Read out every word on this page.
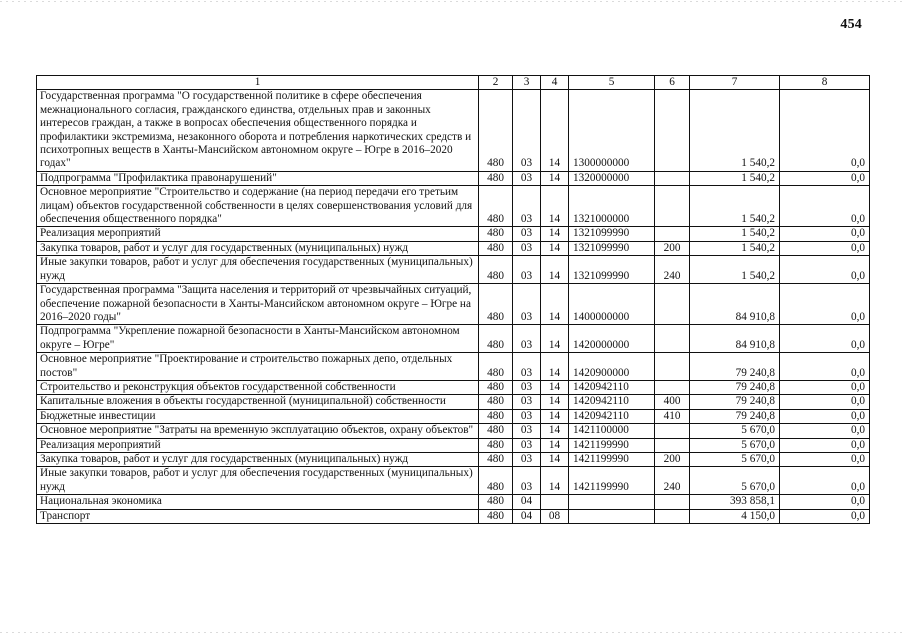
454
1	2	3	4	5	6	7	8
Государственная программа "О государственной политике в сфере обеспечения межнационального согласия, гражданского единства, отдельных прав и законных интересов граждан, а также в вопросах обеспечения общественного порядка и профилактики экстремизма, незаконного оборота и потребления наркотических средств и психотропных веществ в Ханты-Мансийском автономном округе – Югре в 2016–2020 годах"	480	03	14	1300000000		1 540,2	0,0
Подпрограмма "Профилактика правонарушений"	480	03	14	1320000000		1 540,2	0,0
Основное мероприятие "Строительство и содержание (на период передачи его третьим лицам) объектов государственной собственности в целях совершенствования условий для обеспечения общественного порядка"	480	03	14	1321000000		1 540,2	0,0
Реализация мероприятий	480	03	14	1321099990		1 540,2	0,0
Закупка товаров, работ и услуг для государственных (муниципальных) нужд	480	03	14	1321099990	200	1 540,2	0,0
Иные закупки товаров, работ и услуг для обеспечения государственных (муниципальных) нужд	480	03	14	1321099990	240	1 540,2	0,0
Государственная программа "Защита населения и территорий от чрезвычайных ситуаций, обеспечение пожарной безопасности в Ханты-Мансийском автономном округе – Югре на 2016–2020 годы"	480	03	14	1400000000		84 910,8	0,0
Подпрограмма "Укрепление пожарной безопасности в Ханты-Мансийском автономном округе – Югре"	480	03	14	1420000000		84 910,8	0,0
Основное мероприятие "Проектирование и строительство пожарных депо, отдельных постов"	480	03	14	1420900000		79 240,8	0,0
Строительство и реконструкция объектов государственной собственности	480	03	14	1420942110		79 240,8	0,0
Капитальные вложения в объекты государственной (муниципальной) собственности	480	03	14	1420942110	400	79 240,8	0,0
Бюджетные инвестиции	480	03	14	1420942110	410	79 240,8	0,0
Основное мероприятие "Затраты на временную эксплуатацию объектов, охрану объектов"	480	03	14	1421100000		5 670,0	0,0
Реализация мероприятий	480	03	14	1421199990		5 670,0	0,0
Закупка товаров, работ и услуг для государственных (муниципальных) нужд	480	03	14	1421199990	200	5 670,0	0,0
Иные закупки товаров, работ и услуг для обеспечения государственных (муниципальных) нужд	480	03	14	1421199990	240	5 670,0	0,0
Национальная экономика	480	04				393 858,1	0,0
Транспорт	480	04	08			4 150,0	0,0
